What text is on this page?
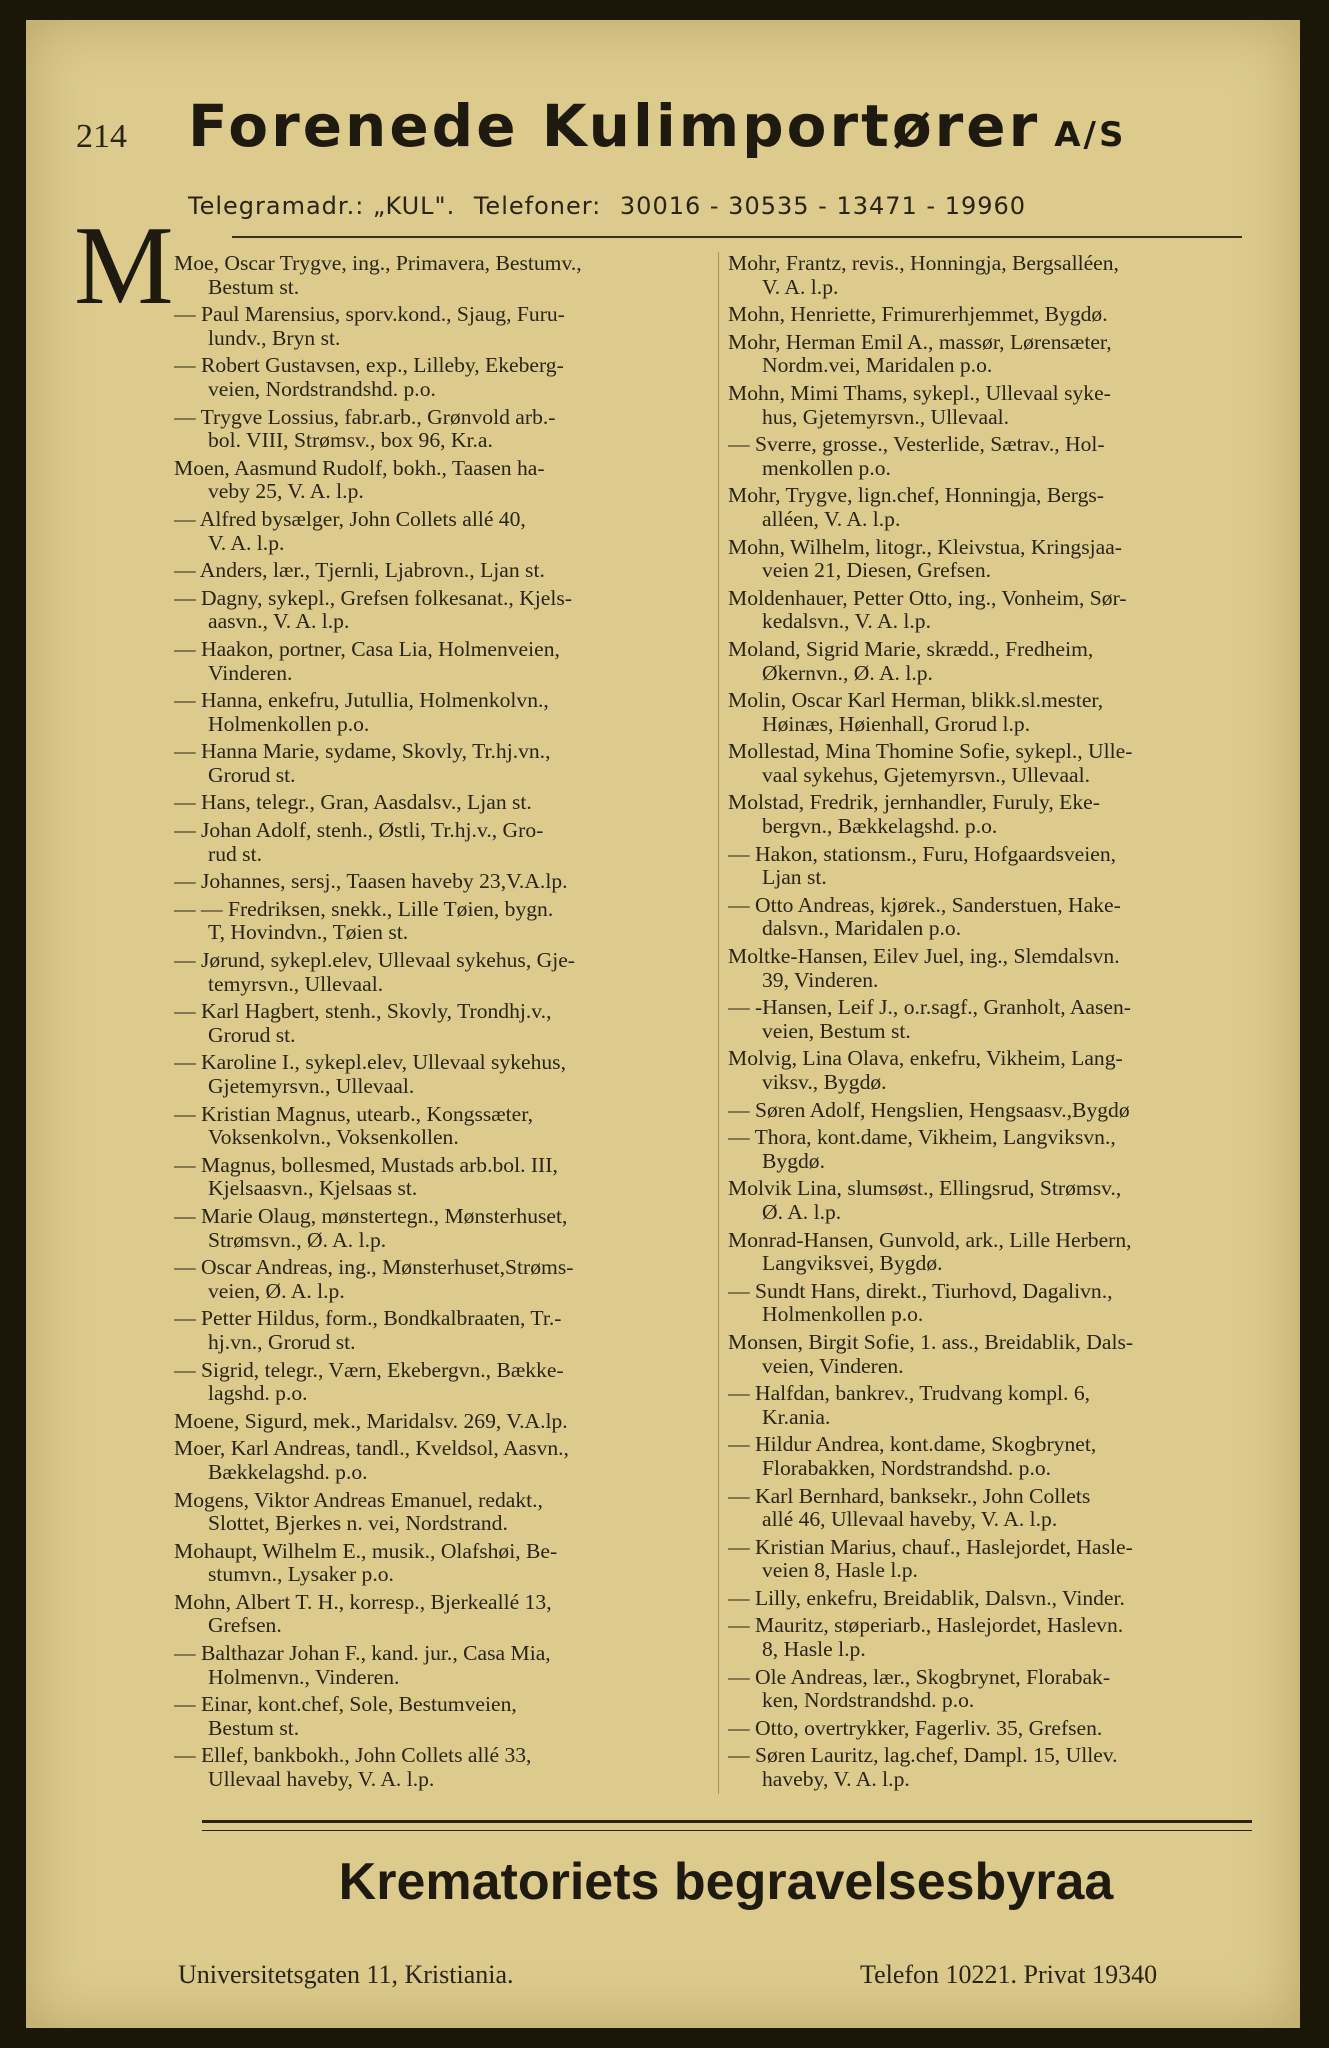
214 Forenede Kulimportører A/S
Telegramadr.: „KUL". Telefoner: 30016 - 30535 - 13471 - 19960
M Moe, Oscar Trygve, ing., Primavera, Bestumv.,
Bestum st.
— Paul Marensius, sporv.kond., Sjaug, Furu-
lundv., Bryn st.
— Robert Gustavsen, exp., Lilleby, Ekeberg-
veien, Nordstrandshd. p.o.
— Trygve Lossius, fabr.arb., Grønvold arb.-
bol. VIII, Strømsv., box 96, Kr.a.
Moen, Aasmund Rudolf, bokh., Taasen ha-
veby 25, V. A. l.p.
— Alfred bysælger, John Collets allé 40,
V. A. l.p.
— Anders, lær., Tjernli, Ljabrovn., Ljan st.
— Dagny, sykepl., Grefsen folkesanat., Kjels-
aasvn., V. A. l.p.
— Haakon, portner, Casa Lia, Holmenveien,
Vinderen.
— Hanna, enkefru, Jutullia, Holmenkolvn.,
Holmenkollen p.o.
— Hanna Marie, sydame, Skovly, Tr.hj.vn.,
Grorud st.
— Hans, telegr., Gran, Aasdalsv., Ljan st.
— Johan Adolf, stenh., Østli, Tr.hj.v., Gro-
rud st.
— Johannes, sersj., Taasen haveby 23,V.A.lp.
— — Fredriksen, snekk., Lille Tøien, bygn.
T, Hovindvn., Tøien st.
— Jørund, sykepl.elev, Ullevaal sykehus, Gje-
temyrsvn., Ullevaal.
— Karl Hagbert, stenh., Skovly, Trondhj.v.,
Grorud st.
— Karoline I., sykepl.elev, Ullevaal sykehus,
Gjetemyrsvn., Ullevaal.
— Kristian Magnus, utearb., Kongssæter,
Voksenkolvn., Voksenkollen.
— Magnus, bollesmed, Mustads arb.bol. III,
Kjelsaasvn., Kjelsaas st.
— Marie Olaug, mønstertegn., Mønsterhuset,
Strømsvn., Ø. A. l.p.
— Oscar Andreas, ing., Mønsterhuset,Strøms-
veien, Ø. A. l.p.
— Petter Hildus, form., Bondkalbraaten, Tr.-
hj.vn., Grorud st.
— Sigrid, telegr., Værn, Ekebergvn., Bække-
lagshd. p.o.
Moene, Sigurd, mek., Maridalsv. 269, V.A.lp.
Moer, Karl Andreas, tandl., Kveldsol, Aasvn.,
Bækkelagshd. p.o.
Mogens, Viktor Andreas Emanuel, redakt.,
Slottet, Bjerkes n. vei, Nordstrand.
Mohaupt, Wilhelm E., musik., Olafshøi, Be-
stumvn., Lysaker p.o.
Mohn, Albert T. H., korresp., Bjerkeallé 13,
Grefsen.
— Balthazar Johan F., kand. jur., Casa Mia,
Holmenvn., Vinderen.
— Einar, kont.chef, Sole, Bestumveien,
Bestum st.
— Ellef, bankbokh., John Collets allé 33,
Ullevaal haveby, V. A. l.p.
Mohr, Frantz, revis., Honningja, Bergsalléen,
V. A. l.p.
Mohn, Henriette, Frimurerhjemmet, Bygdø.
Mohr, Herman Emil A., massør, Lørensæter,
Nordm.vei, Maridalen p.o.
Mohn, Mimi Thams, sykepl., Ullevaal syke-
hus, Gjetemyrsvn., Ullevaal.
— Sverre, grosse., Vesterlide, Sætrav., Hol-
menkollen p.o.
Mohr, Trygve, lign.chef, Honningja, Bergs-
alléen, V. A. l.p.
Mohn, Wilhelm, litogr., Kleivstua, Kringsjaa-
veien 21, Diesen, Grefsen.
Moldenhauer, Petter Otto, ing., Vonheim, Sør-
kedalsvn., V. A. l.p.
Moland, Sigrid Marie, skrædd., Fredheim,
Økernvn., Ø. A. l.p.
Molin, Oscar Karl Herman, blikk.sl.mester,
Høinæs, Høienhall, Grorud l.p.
Mollestad, Mina Thomine Sofie, sykepl., Ulle-
vaal sykehus, Gjetemyrsvn., Ullevaal.
Molstad, Fredrik, jernhandler, Furuly, Eke-
bergvn., Bækkelagshd. p.o.
— Hakon, stationsm., Furu, Hofgaardsveien,
Ljan st.
— Otto Andreas, kjørek., Sanderstuen, Hake-
dalsvn., Maridalen p.o.
Moltke-Hansen, Eilev Juel, ing., Slemdalsvn.
39, Vinderen.
— -Hansen, Leif J., o.r.sagf., Granholt, Aasen-
veien, Bestum st.
Molvig, Lina Olava, enkefru, Vikheim, Lang-
viksv., Bygdø.
— Søren Adolf, Hengslien, Hengsaasv.,Bygdø
— Thora, kont.dame, Vikheim, Langviksvn.,
Bygdø.
Molvik Lina, slumsøst., Ellingsrud, Strømsv.,
Ø. A. l.p.
Monrad-Hansen, Gunvold, ark., Lille Herbern,
Langviksvei, Bygdø.
— Sundt Hans, direkt., Tiurhovd, Dagalivn.,
Holmenkollen p.o.
Monsen, Birgit Sofie, 1. ass., Breidablik, Dals-
veien, Vinderen.
— Halfdan, bankrev., Trudvang kompl. 6,
Kr.ania.
— Hildur Andrea, kont.dame, Skogbrynet,
Florabakken, Nordstrandshd. p.o.
— Karl Bernhard, banksekr., John Collets
allé 46, Ullevaal haveby, V. A. l.p.
— Kristian Marius, chauf., Haslejordet, Hasle-
veien 8, Hasle l.p.
— Lilly, enkefru, Breidablik, Dalsvn., Vinder.
— Mauritz, støperiarb., Haslejordet, Haslevn.
8, Hasle l.p.
— Ole Andreas, lær., Skogbrynet, Florabak-
ken, Nordstrandshd. p.o.
— Otto, overtrykker, Fagerliv. 35, Grefsen.
— Søren Lauritz, lag.chef, Dampl. 15, Ullev.
haveby, V. A. l.p.
Krematoriets begravelsesbyraa
Universitetsgaten 11, Kristiania.	Telefon 10221. Privat 19340
